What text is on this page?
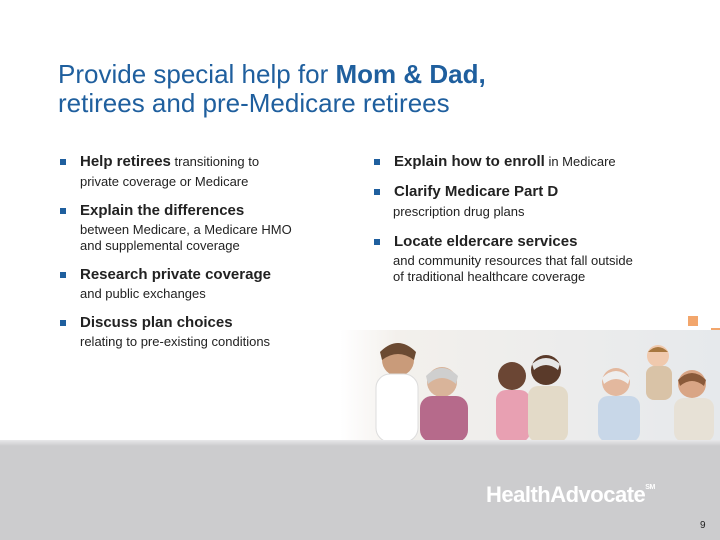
Provide special help for Mom & Dad,
retirees and pre-Medicare retirees
Help retirees transitioning to
private coverage or Medicare
Explain the differences
between Medicare, a Medicare HMO
and supplemental coverage
Research private coverage
and public exchanges
Discuss plan choices
relating to pre-existing conditions
Explain how to enroll in Medicare
Clarify Medicare Part D
prescription drug plans
Locate eldercare services
and community resources that fall outside
of traditional healthcare coverage
HealthAdvocate℠
9
